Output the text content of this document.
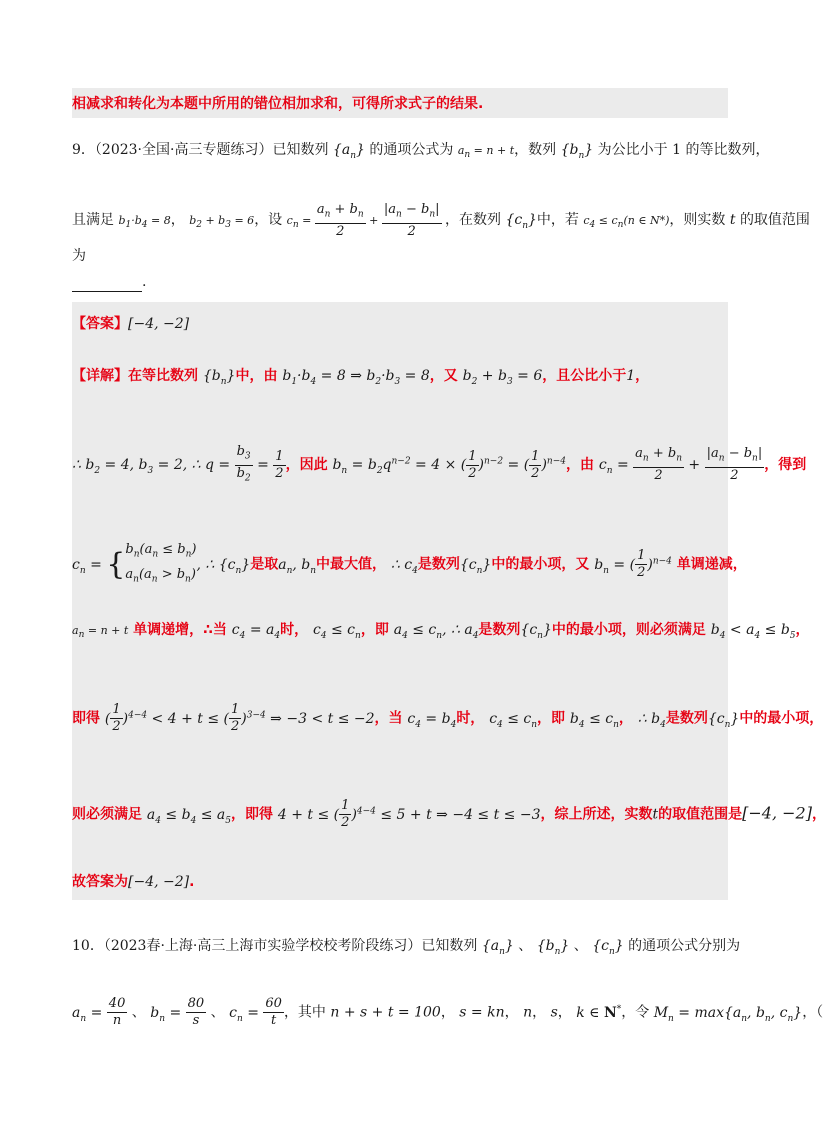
相减求和转化为本题中所用的错位相加求和，可得所求式子的结果.
9．（2023·全国·高三专题练习）已知数列 $\{a_n\}$ 的通项公式为 $a_n = n + t$，数列 $\{b_n\}$ 为公比小于 1 的等比数列，
且满足 $b_1\cdot b_4 = 8$， $b_2 + b_3 = 6$，设 $c_n = \frac{a_n + b_n}{2} + \frac{|a_n - b_n|}{2}$ ，在数列 $\{c_n\}$中，若 $c_4 \le c_n(n$ ∈ N*)，则实数 t 的取值范围
为
.
【答案】[−4, −2]
【详解】在等比数列 $\{b_n\}$中，由 $b_1\cdot b_4 = 8$ ⇒ $b_2\cdot b_3 = 8$，又 $b_2 + b_3 = 6$，且公比小于1，
∴ $b_2 = 4$, $b_3 = 2$, ∴ $q = \frac{b_3}{b_2} = \frac{1}{2}$ ，因此 $b_n = b_2q^{n-2} = 4$ × ( $\frac{1}{2} )^{n-2}$ = ( $\frac{1}{2} )^{n-4}$，由 $c_n = \frac{a_n + b_n}{2} + \frac{|a_n - b_n|}{2}$ ，得到
$c_n$ = { $b_n(a_n \le b_n)$
$a_n(a_n > b_n)$
, ∴ $\{c_n\}$是取$a_n$, $b_n$中最大值， ∴ $c_4$是数列$\{c_n\}$中的最小项，又 $b_n$ = ( $\frac{1}{2} )^{n-4}$ 单调递减，
$a_n = n + t$ 单调递增，∴当 $c_4 = a_4$时， $c_4 \le c_n$，即 $a_4 \le c_n$, ∴ $a_4$是数列$\{c_n\}$中的最小项，则必须满足 $b_4 < a_4 \le b_5$，
即得 ( $\frac{1}{2} )^{4-4} < 4 + t$ ≤ ( $\frac{1}{2} )^{3-4}$ ⇒ −3 < t ≤ −2，当 $c_4 = b_4$时， $c_4 \le c_n$，即 $b_4 \le c_n$， ∴ $b_4$是数列$\{c_n\}$中的最小项，
则必须满足 $a_4 \le b_4 \le a_5$，即得 4 + t ≤ ( $\frac{1}{2} )^{4-4} \le 5 + t$ ⇒ −4 ≤ t ≤ −3，综上所述，实数t的取值范围是[−4, −2]，
故答案为[−4, −2].
10．（2023春·上海·高三上海市实验学校校考阶段练习）已知数列 $\{a_n\}$ 、 $\{b_n\}$ 、 $\{c_n\}$ 的通项公式分别为
$a_n = \frac{40}{n}$ 、 $b_n = \frac{80}{s}$ 、 $c_n = \frac{60}{t}$ ，其中 n + s + t = 100， s = kn， n， s， k ∈ N*，令 $M_n = \max\{a_n$, $b_n$, $c_n$}，（
